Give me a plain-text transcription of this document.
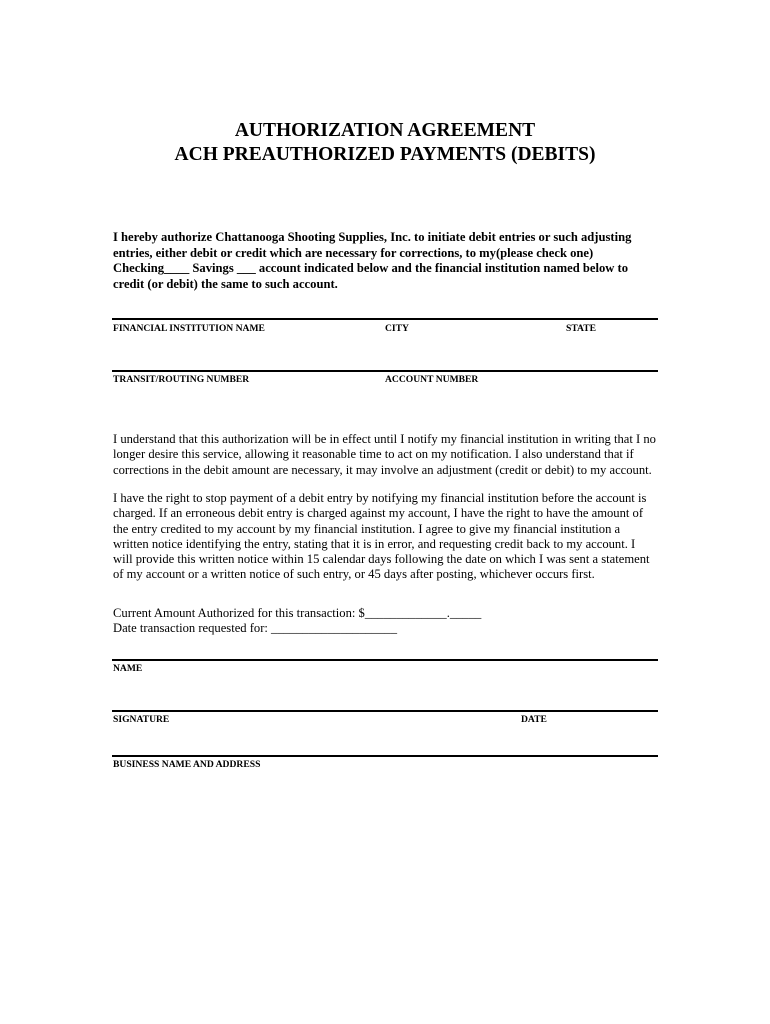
AUTHORIZATION AGREEMENT
ACH PREAUTHORIZED PAYMENTS (DEBITS)
I hereby authorize Chattanooga Shooting Supplies, Inc. to initiate debit entries or such adjusting
entries, either debit or credit which are necessary for corrections, to my(please check one)
Checking____ Savings ___ account indicated below and the financial institution named below to
credit (or debit) the same to such account.
FINANCIAL INSTITUTION NAME	CITY	STATE
TRANSIT/ROUTING NUMBER	ACCOUNT NUMBER
I understand that this authorization will be in effect until I notify my financial institution in writing that I no
longer desire this service, allowing it reasonable time to act on my notification. I also understand that if
corrections in the debit amount are necessary, it may involve an adjustment (credit or debit) to my account.
I have the right to stop payment of a debit entry by notifying my financial institution before the account is
charged. If an erroneous debit entry is charged against my account, I have the right to have the amount of
the entry credited to my account by my financial institution. I agree to give my financial institution a
written notice identifying the entry, stating that it is in error, and requesting credit back to my account. I
will provide this written notice within 15 calendar days following the date on which I was sent a statement
of my account or a written notice of such entry, or 45 days after posting, whichever occurs first.
Current Amount Authorized for this transaction: $_____________._____
Date transaction requested for: ____________________
NAME
SIGNATURE	DATE
BUSINESS NAME AND ADDRESS
